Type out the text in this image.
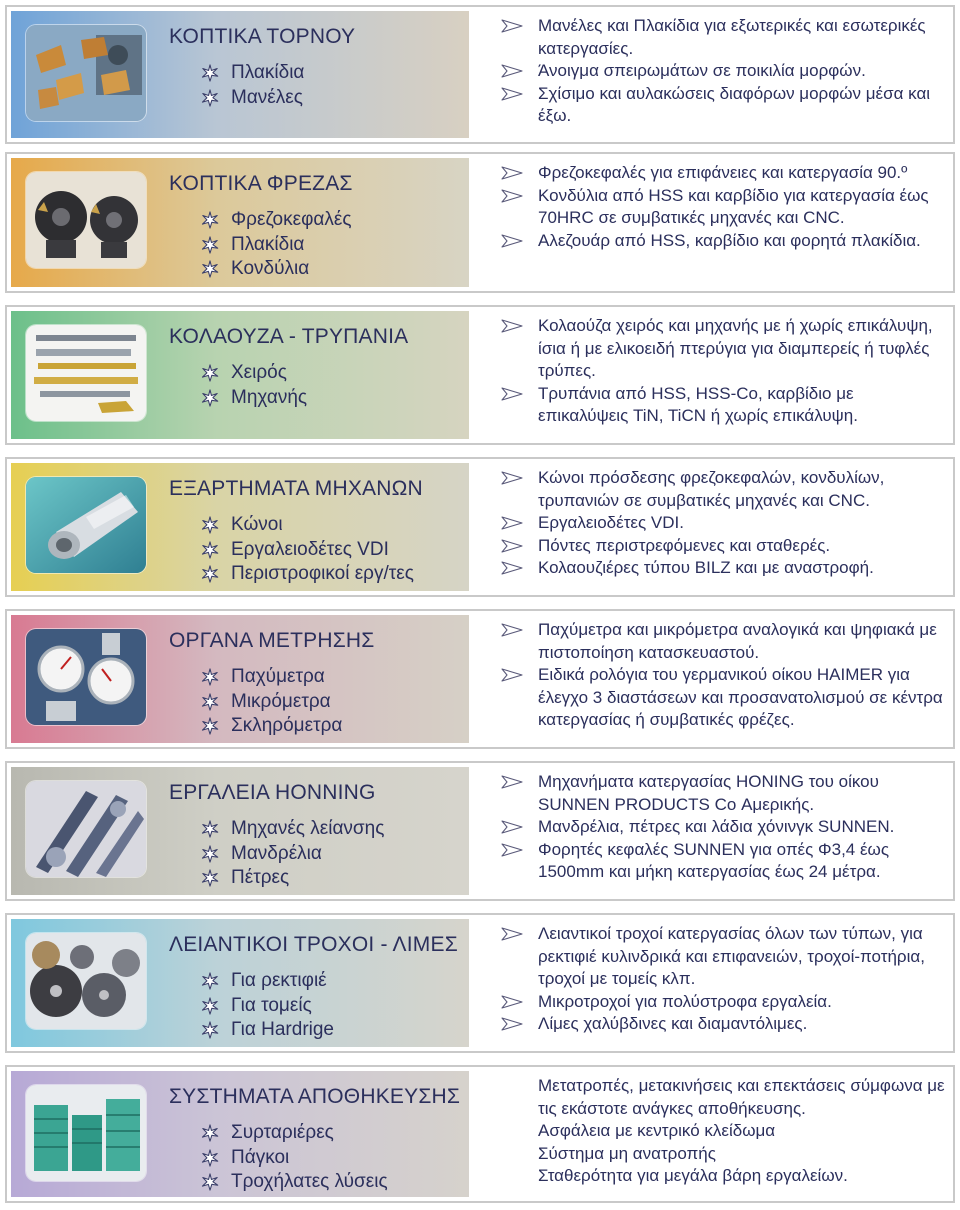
ΚΟΠΤΙΚΑ ΤΟΡΝΟΥ
Πλακίδια
Μανέλες
Μανέλες και Πλακίδια για εξωτερικές και εσωτερικές κατεργασίες.
Άνοιγμα σπειρωμάτων σε ποικιλία μορφών.
Σχίσιμο και αυλακώσεις διαφόρων μορφών μέσα και έξω.
ΚΟΠΤΙΚΑ ΦΡΕΖΑΣ
Φρεζοκεφαλές
Πλακίδια
Κονδύλια
Φρεζοκεφαλές για επιφάνειες και κατεργασία 90.º
Κονδύλια από HSS και καρβίδιο για κατεργασία έως 70HRC σε συμβατικές μηχανές και CNC.
Αλεζουάρ από HSS, καρβίδιο και φορητά πλακίδια.
ΚΟΛΑΟΥΖΑ - ΤΡΥΠΑΝΙΑ
Χειρός
Μηχανής
Κολαούζα χειρός και μηχανής με ή χωρίς επικάλυψη, ίσια ή με ελικοειδή πτερύγια για διαμπερείς ή τυφλές τρύπες.
Τρυπάνια από HSS, HSS-Co, καρβίδιο με επικαλύψεις TiN, TiCN ή χωρίς επικάλυψη.
ΕΞΑΡΤΗΜΑΤΑ ΜΗΧΑΝΩΝ
Κώνοι
Εργαλειοδέτες VDI
Περιστροφικοί εργ/τες
Κώνοι πρόσδεσης φρεζοκεφαλών, κονδυλίων, τρυπανιών σε συμβατικές μηχανές και CNC.
Εργαλειοδέτες VDI.
Πόντες περιστρεφόμενες και σταθερές.
Κολαουζιέρες τύπου BILZ και με αναστροφή.
ΟΡΓΑΝΑ ΜΕΤΡΗΣΗΣ
Παχύμετρα
Μικρόμετρα
Σκληρόμετρα
Παχύμετρα και μικρόμετρα αναλογικά και ψηφιακά με πιστοποίηση κατασκευαστού.
Ειδικά ρολόγια του γερμανικού οίκου HAIMER για έλεγχο 3 διαστάσεων και προσανατολισμού σε κέντρα κατεργασίας ή συμβατικές φρέζες.
ΕΡΓΑΛΕΙΑ HONNING
Μηχανές λείανσης
Μανδρέλια
Πέτρες
Μηχανήματα κατεργασίας HONING του οίκου SUNNEN PRODUCTS Co Αμερικής.
Μανδρέλια, πέτρες και λάδια χόνινγκ SUNNEN.
Φορητές κεφαλές SUNNEN για οπές Φ3,4 έως 1500mm και μήκη κατεργασίας έως 24 μέτρα.
ΛΕΙΑΝΤΙΚΟΙ ΤΡΟΧΟΙ - ΛΙΜΕΣ
Για ρεκτιφιέ
Για τομείς
Για Hardrige
Λειαντικοί τροχοί κατεργασίας όλων των τύπων, για ρεκτιφιέ κυλινδρικά και επιφανειών, τροχοί-ποτήρια, τροχοί με τομείς κλπ.
Μικροτροχοί για πολύστροφα εργαλεία.
Λίμες χαλύβδινες και διαμαντόλιμες.
ΣΥΣΤΗΜΑΤΑ ΑΠΟΘΗΚΕΥΣΗΣ
Συρταριέρες
Πάγκοι
Τροχήλατες λύσεις
Μετατροπές, μετακινήσεις και επεκτάσεις σύμφωνα με τις εκάστοτε ανάγκες αποθήκευσης.
Ασφάλεια με κεντρικό κλείδωμα
Σύστημα μη ανατροπής
Σταθερότητα για μεγάλα βάρη εργαλείων.
